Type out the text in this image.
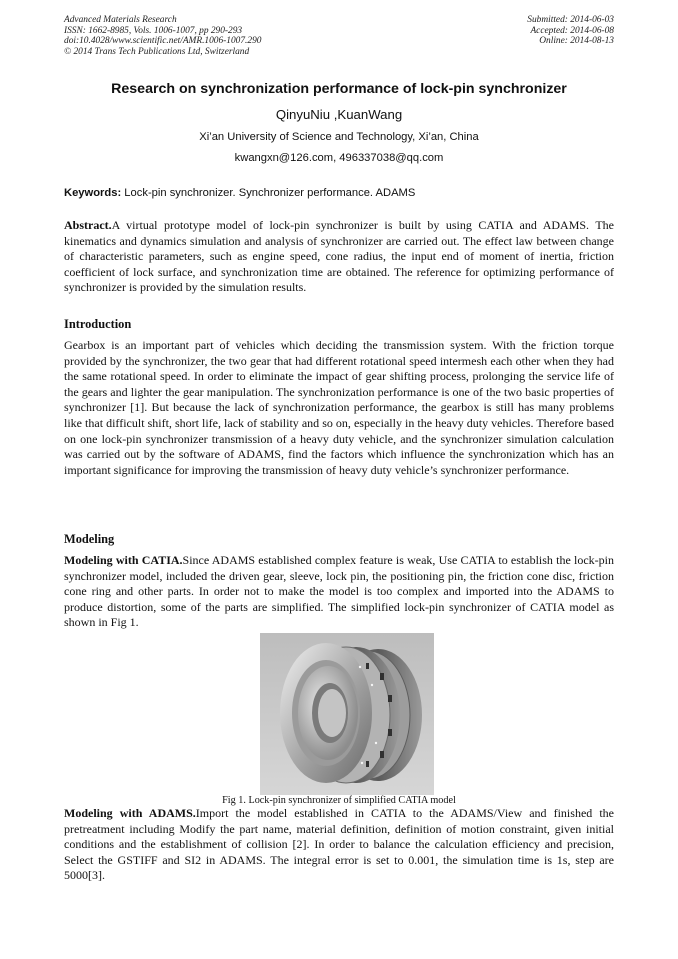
Advanced Materials Research
ISSN: 1662-8985, Vols. 1006-1007, pp 290-293
doi:10.4028/www.scientific.net/AMR.1006-1007.290
© 2014 Trans Tech Publications Ltd, Switzerland
Submitted: 2014-06-03
Accepted: 2014-06-08
Online: 2014-08-13
Research on synchronization performance of lock-pin synchronizer
QinyuNiu ,KuanWang
Xi’an University of Science and Technology, Xi’an, China
kwangxn@126.com, 496337038@qq.com
Keywords: Lock-pin synchronizer. Synchronizer performance. ADAMS

Abstract.A virtual prototype model of lock-pin synchronizer is built by using CATIA and ADAMS. The kinematics and dynamics simulation and analysis of synchronizer are carried out. The effect law between change of characteristic parameters, such as engine speed, cone radius, the input end of moment of inertia, friction coefficient of lock surface, and synchronization time are obtained. The reference for optimizing performance of synchronizer is provided by the simulation results.

Introduction

Gearbox is an important part of vehicles which deciding the transmission system. With the friction torque provided by the synchronizer, the two gear that had different rotational speed intermesh each other when they had the same rotational speed. In order to eliminate the impact of gear shifting process, prolonging the service life of the gears and lighter the gear manipulation. The synchronization performance is one of the two basic properties of synchronizer [1]. But because the lack of synchronization performance, the gearbox is still has many problems like that difficult shift, short life, lack of stability and so on, especially in the heavy duty vehicles. Therefore based on one lock-pin synchronizer transmission of a heavy duty vehicle, and the synchronizer simulation calculation was carried out by the software of ADAMS, find the factors which influence the synchronization which has an important significance for improving the transmission of heavy duty vehicle’s synchronizer performance.

Modeling

Modeling with CATIA.Since ADAMS established complex feature is weak, Use CATIA to establish the lock-pin synchronizer model, included the driven gear, sleeve, lock pin, the positioning pin, the friction cone disc, friction cone ring and other parts. In order not to make the model is too complex and imported into the ADAMS to produce distortion, some of the parts are simplified. The simplified lock-pin synchronizer of CATIA model as shown in Fig 1.

Fig 1. Lock-pin synchronizer of simplified CATIA model

Modeling with ADAMS.Import the model established in CATIA to the ADAMS/View and finished the pretreatment including Modify the part name, material definition, definition of motion constraint, given initial conditions and the establishment of collision [2]. In order to balance the calculation efficiency and precision, Select the GSTIFF and SI2 in ADAMS. The integral error is set to 0.001, the simulation time is 1s, step are 5000[3].
